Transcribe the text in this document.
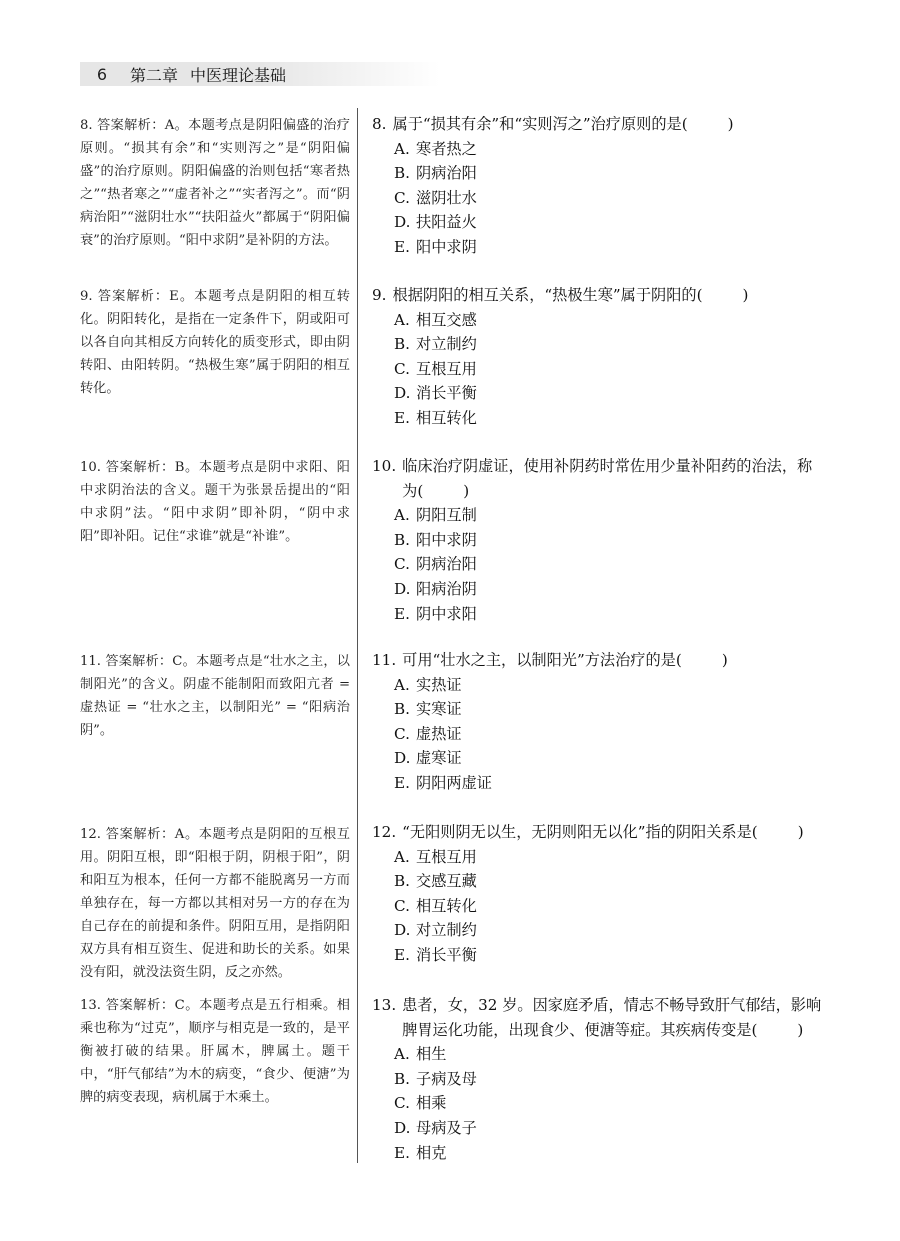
6	第二章 中医理论基础
8. 答案解析：A。本题考点是阴阳偏盛的治疗原则。“损其有余”和“实则泻之”是“阴阳偏盛”的治疗原则。阴阳偏盛的治则包括“寒者热之”“热者寒之”“虚者补之”“实者泻之”。而“阴病治阳”“滋阴壮水”“扶阳益火”都属于“阴阳偏衰”的治疗原则。“阳中求阴”是补阴的方法。
9. 答案解析：E。本题考点是阴阳的相互转化。阴阳转化，是指在一定条件下，阴或阳可以各自向其相反方向转化的质变形式，即由阴转阳、由阳转阴。“热极生寒”属于阴阳的相互转化。
10. 答案解析：B。本题考点是阴中求阳、阳中求阴治法的含义。题干为张景岳提出的“阳中求阴”法。“阳中求阴”即补阴，“阴中求阳”即补阳。记住“求谁”就是“补谁”。
11. 答案解析：C。本题考点是“壮水之主，以制阳光”的含义。阴虚不能制阳而致阳亢者 = 虚热证 = “壮水之主，以制阳光” = “阳病治阴”。
12. 答案解析：A。本题考点是阴阳的互根互用。阴阳互根，即“阳根于阴，阴根于阳”，阴和阳互为根本，任何一方都不能脱离另一方而单独存在，每一方都以其相对另一方的存在为自己存在的前提和条件。阴阳互用，是指阴阳双方具有相互资生、促进和助长的关系。如果没有阳，就没法资生阴，反之亦然。
13. 答案解析：C。本题考点是五行相乘。相乘也称为“过克”，顺序与相克是一致的，是平衡被打破的结果。肝属木，脾属土。题干中，“肝气郁结”为木的病变，“食少、便溏”为脾的病变表现，病机属于木乘土。
8. 属于“损其有余”和“实则泻之”治疗原则的是(	)
A. 寒者热之
B. 阴病治阳
C. 滋阴壮水
D. 扶阳益火
E. 阳中求阴
9. 根据阴阳的相互关系，“热极生寒”属于阴阳的(	)
A. 相互交感
B. 对立制约
C. 互根互用
D. 消长平衡
E. 相互转化
10. 临床治疗阴虚证，使用补阴药时常佐用少量补阳药的治法，称为(	)
A. 阴阳互制
B. 阳中求阴
C. 阴病治阳
D. 阳病治阴
E. 阴中求阳
11. 可用“壮水之主，以制阳光”方法治疗的是(	)
A. 实热证
B. 实寒证
C. 虚热证
D. 虚寒证
E. 阴阳两虚证
12. “无阳则阴无以生，无阴则阳无以化”指的阴阳关系是(	)
A. 互根互用
B. 交感互藏
C. 相互转化
D. 对立制约
E. 消长平衡
13. 患者，女，32 岁。因家庭矛盾，情志不畅导致肝气郁结，影响脾胃运化功能，出现食少、便溏等症。其疾病传变是(	)
A. 相生
B. 子病及母
C. 相乘
D. 母病及子
E. 相克
